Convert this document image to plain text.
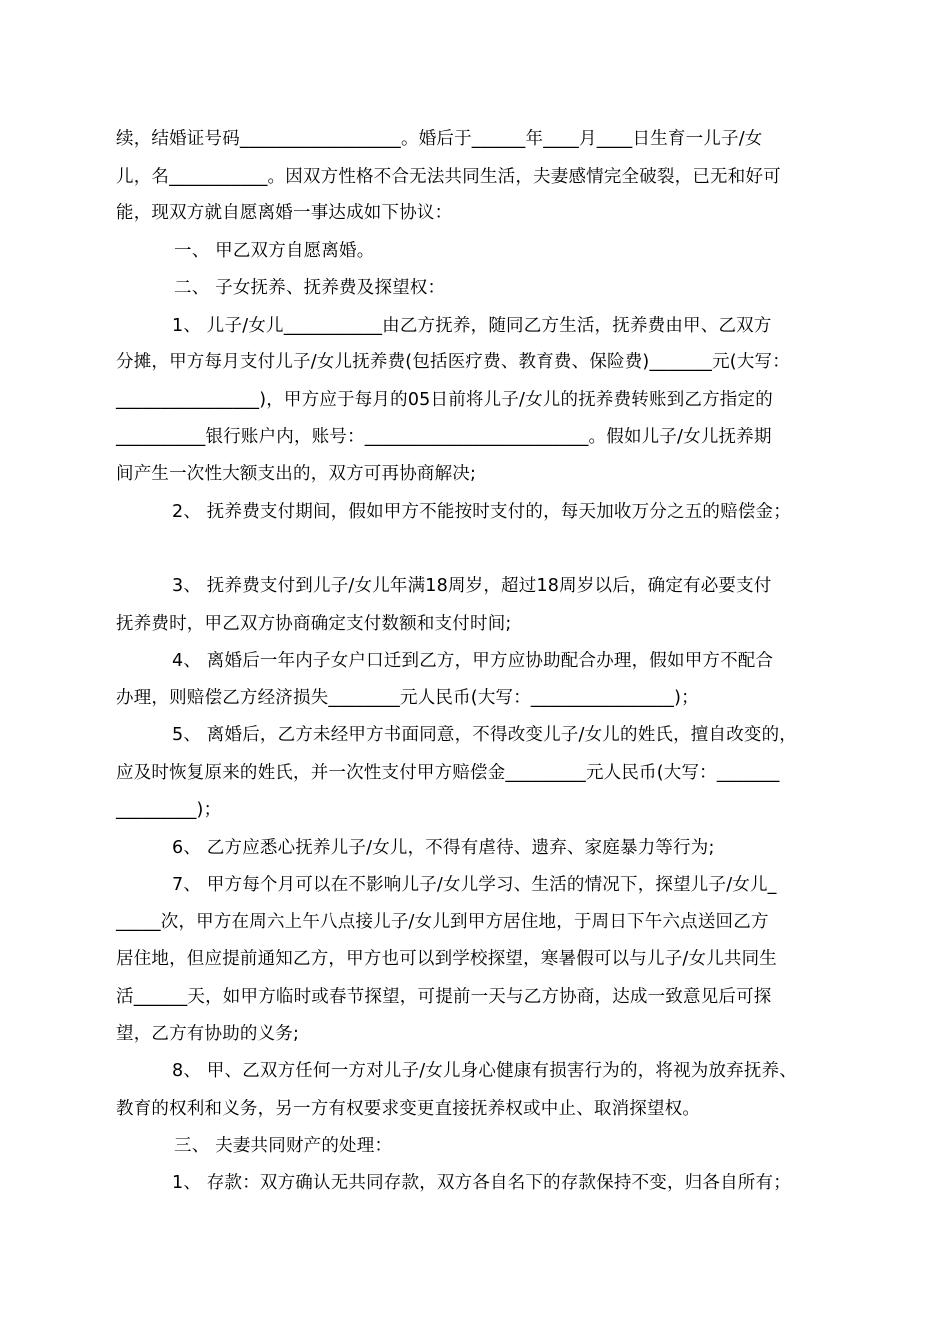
续，结婚证号码__________________。婚后于______年____月____日生育一儿子/女
儿，名___________。因双方性格不合无法共同生活，夫妻感情完全破裂，已无和好可
能，现双方就自愿离婚一事达成如下协议：
一、 甲乙双方自愿离婚。
二、 子女抚养、抚养费及探望权：
1、 儿子/女儿___________由乙方抚养，随同乙方生活，抚养费由甲、乙双方
分摊，甲方每月支付儿子/女儿抚养费(包括医疗费、教育费、保险费)_______元(大写：
________________)，甲方应于每月的05日前将儿子/女儿的抚养费转账到乙方指定的
__________银行账户内，账号：_________________________。假如儿子/女儿抚养期
间产生一次性大额支出的，双方可再协商解决;
2、 抚养费支付期间，假如甲方不能按时支付的，每天加收万分之五的赔偿金；
3、 抚养费支付到儿子/女儿年满18周岁，超过18周岁以后，确定有必要支付
抚养费时，甲乙双方协商确定支付数额和支付时间;
4、 离婚后一年内子女户口迁到乙方，甲方应协助配合办理，假如甲方不配合
办理，则赔偿乙方经济损失________元人民币(大写：________________)；
5、 离婚后，乙方未经甲方书面同意，不得改变儿子/女儿的姓氏，擅自改变的，
应及时恢复原来的姓氏，并一次性支付甲方赔偿金_________元人民币(大写：_______
_________)；
6、 乙方应悉心抚养儿子/女儿，不得有虐待、遗弃、家庭暴力等行为;
7、 甲方每个月可以在不影响儿子/女儿学习、生活的情况下，探望儿子/女儿_
_____次，甲方在周六上午八点接儿子/女儿到甲方居住地，于周日下午六点送回乙方
居住地，但应提前通知乙方，甲方也可以到学校探望，寒暑假可以与儿子/女儿共同生
活______天，如甲方临时或春节探望，可提前一天与乙方协商，达成一致意见后可探
望，乙方有协助的义务;
8、 甲、乙双方任何一方对儿子/女儿身心健康有损害行为的，将视为放弃抚养、
教育的权利和义务，另一方有权要求变更直接抚养权或中止、取消探望权。
三、 夫妻共同财产的处理：
1、 存款：双方确认无共同存款，双方各自名下的存款保持不变，归各自所有；
